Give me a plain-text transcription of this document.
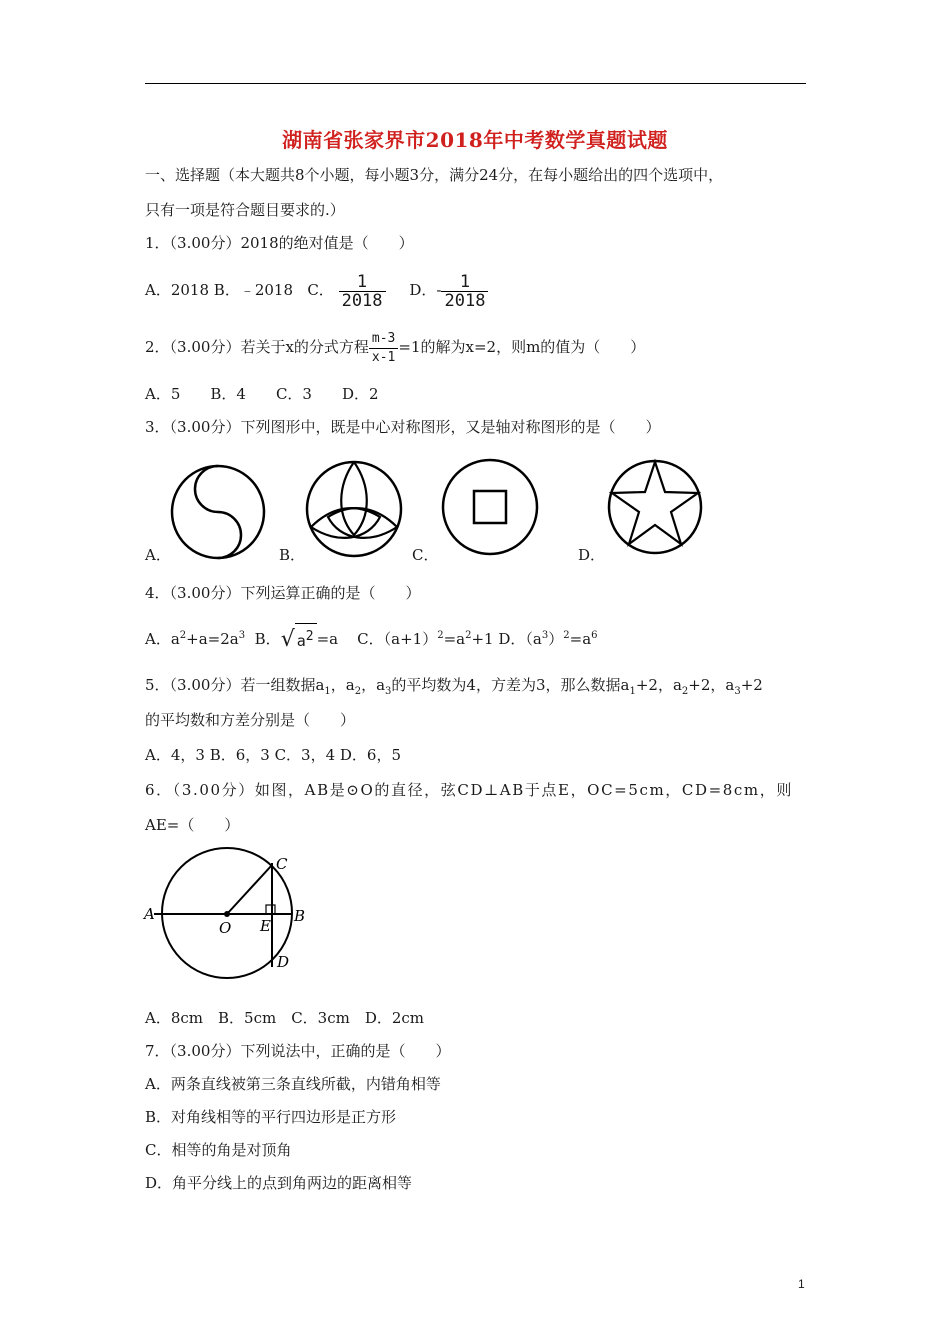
湖南省张家界市2018年中考数学真题试题
一、选择题（本大题共8个小题，每小题3分，满分24分，在每小题给出的四个选项中，
只有一项是符合题目要求的.）
1．（3.00分）2018的绝对值是（　　）
A．2018 B．﹣2018 C． $\frac{1}{2018}$ D．- $\frac{1}{2018}$
2．（3.00分）若关于x的分式方程 $\frac{m-3}{x-1} =1$的解为x=2，则m的值为（　　）
A．5　　B．4　　C．3　　D．2
3．（3.00分）下列图形中，既是中心对称图形，又是轴对称图形的是（　　）
A．	B．	C．	D．
4．（3.00分）下列运算正确的是（　　）
A．$a^2+a=2a^3$ B．√ $a^2 =a$ C．$(a+1)^2=a^2+1$ D．$(a^3)^2=a^6$
5．（3.00分）若一组数据$a_1$，$a_2$，$a_3$的平均数为4，方差为3，那么数据$a_1+2$，$a_2+2$，$a_3+2$
的平均数和方差分别是（　　）
A．4，3 B．6，3 C．3，4 D．6，5
6．（3.00分）如图，AB是⊙O的直径，弦CD⊥AB于点E，OC=5cm，CD=8cm，则
AE=（　　）
A	B
C
D
E
O
A．8cm　B．5cm　C．3cm　D．2cm
7．（3.00分）下列说法中，正确的是（　　）
A．两条直线被第三条直线所截，内错角相等
B．对角线相等的平行四边形是正方形
C．相等的角是对顶角
D．角平分线上的点到角两边的距离相等
1
